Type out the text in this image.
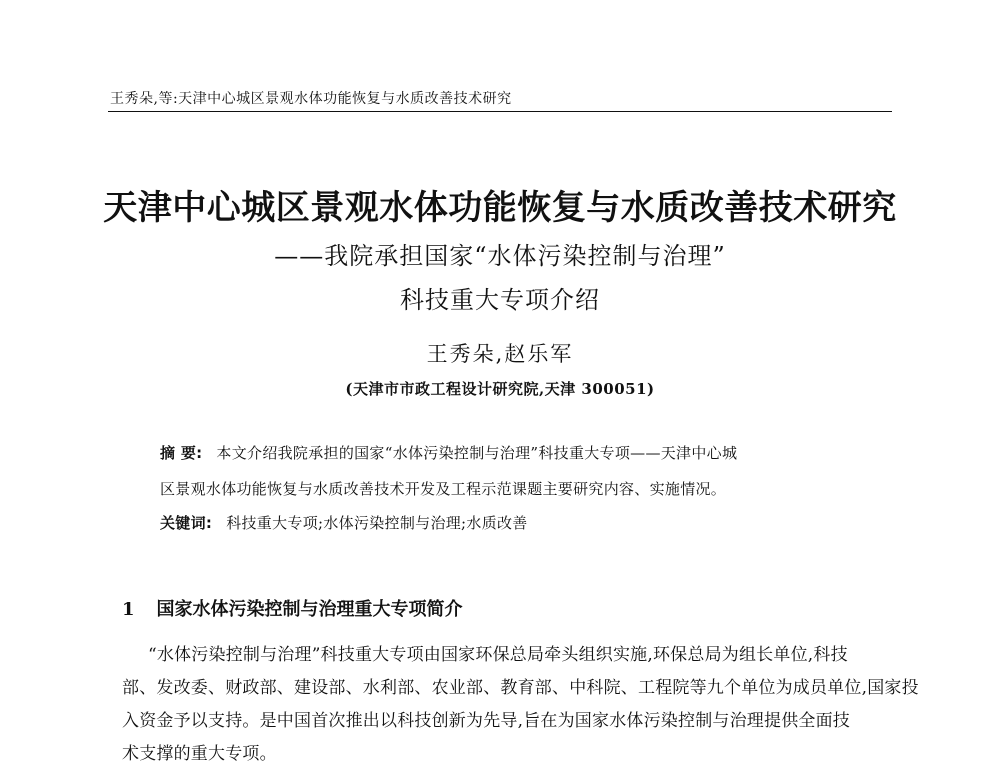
王秀朵,等:天津中心城区景观水体功能恢复与水质改善技术研究
天津中心城区景观水体功能恢复与水质改善技术研究
——我院承担国家“水体污染控制与治理”
科技重大专项介绍
王秀朵,赵乐军
(天津市市政工程设计研究院,天津 300051)
摘 要: 本文介绍我院承担的国家“水体污染控制与治理”科技重大专项——天津中心城
区景观水体功能恢复与水质改善技术开发及工程示范课题主要研究内容、实施情况。
关键词: 科技重大专项;水体污染控制与治理;水质改善
1 国家水体污染控制与治理重大专项简介
“水体污染控制与治理”科技重大专项由国家环保总局牵头组织实施,环保总局为组长单位,科技
部、发改委、财政部、建设部、水利部、农业部、教育部、中科院、工程院等九个单位为成员单位,国家投
入资金予以支持。是中国首次推出以科技创新为先导,旨在为国家水体污染控制与治理提供全面技
术支撑的重大专项。
